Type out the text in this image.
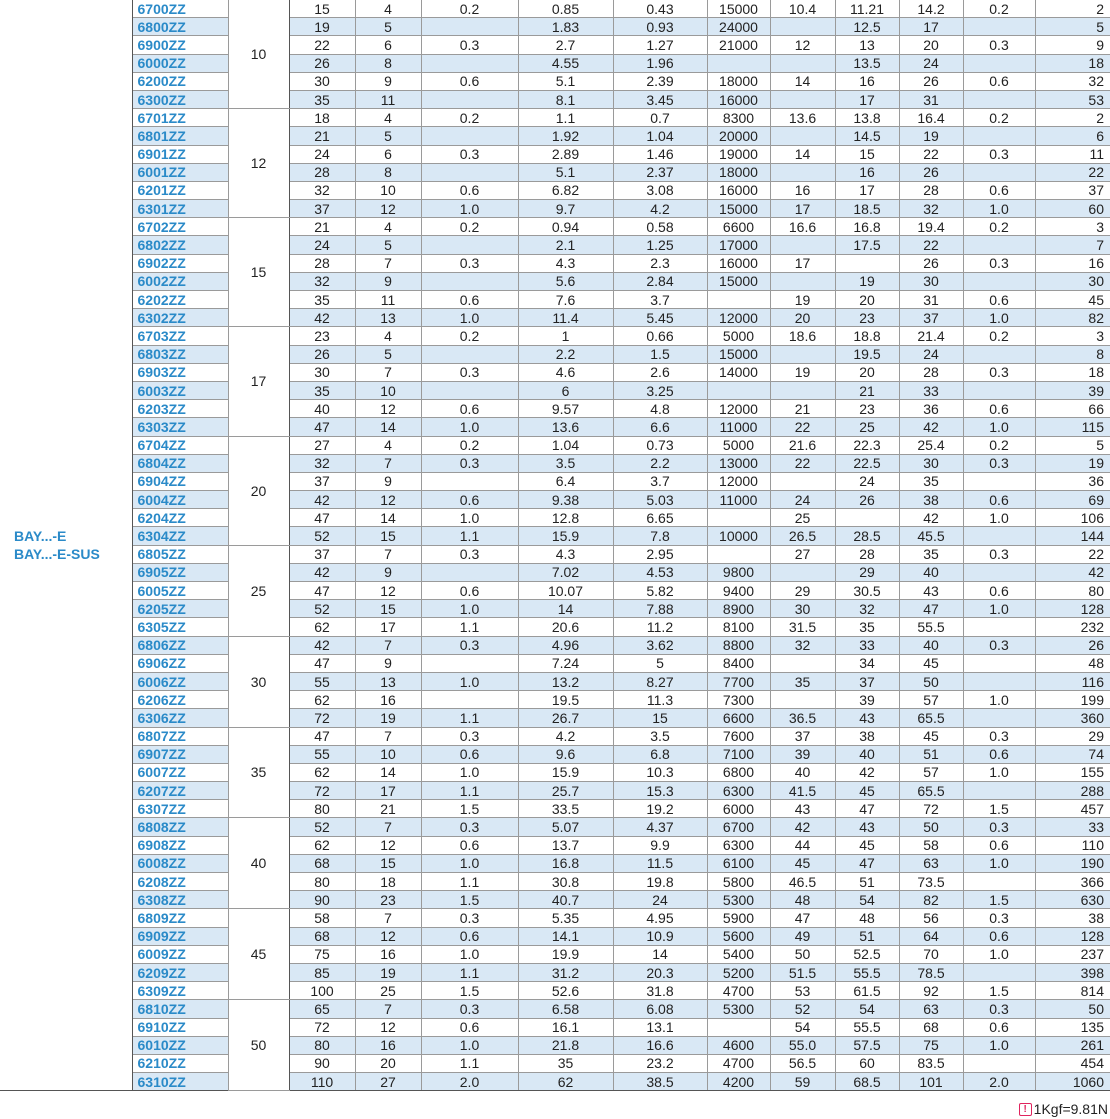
BAY...-E
BAY...-E-SUS	6700ZZ	10	15	4	0.2	0.85	0.43	15000	10.4	11.21	14.2	0.2	2
	6800ZZ		19	5		1.83	0.93	24000		12.5	17		5
	6900ZZ		22	6	0.3	2.7	1.27	21000	12	13	20	0.3	9
	6000ZZ		26	8		4.55	1.96			13.5	24		18
	6200ZZ		30	9	0.6	5.1	2.39	18000	14	16	26	0.6	32
	6300ZZ		35	11		8.1	3.45	16000		17	31		53
	6701ZZ	12	18	4	0.2	1.1	0.7	8300	13.6	13.8	16.4	0.2	2
	6801ZZ		21	5		1.92	1.04	20000		14.5	19		6
	6901ZZ		24	6	0.3	2.89	1.46	19000	14	15	22	0.3	11
	6001ZZ		28	8		5.1	2.37	18000		16	26		22
	6201ZZ		32	10	0.6	6.82	3.08	16000	16	17	28	0.6	37
	6301ZZ		37	12	1.0	9.7	4.2	15000	17	18.5	32	1.0	60
	6702ZZ	15	21	4	0.2	0.94	0.58	6600	16.6	16.8	19.4	0.2	3
	6802ZZ		24	5		2.1	1.25	17000		17.5	22		7
	6902ZZ		28	7	0.3	4.3	2.3	16000	17		26	0.3	16
	6002ZZ		32	9		5.6	2.84	15000		19	30		30
	6202ZZ		35	11	0.6	7.6	3.7		19	20	31	0.6	45
	6302ZZ		42	13	1.0	11.4	5.45	12000	20	23	37	1.0	82
	6703ZZ	17	23	4	0.2	1	0.66	5000	18.6	18.8	21.4	0.2	3
	6803ZZ		26	5		2.2	1.5	15000		19.5	24		8
	6903ZZ		30	7	0.3	4.6	2.6	14000	19	20	28	0.3	18
	6003ZZ		35	10		6	3.25			21	33		39
	6203ZZ		40	12	0.6	9.57	4.8	12000	21	23	36	0.6	66
	6303ZZ		47	14	1.0	13.6	6.6	11000	22	25	42	1.0	115
	6704ZZ	20	27	4	0.2	1.04	0.73	5000	21.6	22.3	25.4	0.2	5
	6804ZZ		32	7	0.3	3.5	2.2	13000	22	22.5	30	0.3	19
	6904ZZ		37	9		6.4	3.7	12000		24	35		36
	6004ZZ		42	12	0.6	9.38	5.03	11000	24	26	38	0.6	69
	6204ZZ		47	14	1.0	12.8	6.65		25		42	1.0	106
	6304ZZ		52	15	1.1	15.9	7.8	10000	26.5	28.5	45.5		144
	6805ZZ	25	37	7	0.3	4.3	2.95		27	28	35	0.3	22
	6905ZZ		42	9		7.02	4.53	9800		29	40		42
	6005ZZ		47	12	0.6	10.07	5.82	9400	29	30.5	43	0.6	80
	6205ZZ		52	15	1.0	14	7.88	8900	30	32	47	1.0	128
	6305ZZ		62	17	1.1	20.6	11.2	8100	31.5	35	55.5		232
	6806ZZ	30	42	7	0.3	4.96	3.62	8800	32	33	40	0.3	26
	6906ZZ		47	9		7.24	5	8400		34	45		48
	6006ZZ		55	13	1.0	13.2	8.27	7700	35	37	50		116
	6206ZZ		62	16		19.5	11.3	7300		39	57	1.0	199
	6306ZZ		72	19	1.1	26.7	15	6600	36.5	43	65.5		360
	6807ZZ	35	47	7	0.3	4.2	3.5	7600	37	38	45	0.3	29
	6907ZZ		55	10	0.6	9.6	6.8	7100	39	40	51	0.6	74
	6007ZZ		62	14	1.0	15.9	10.3	6800	40	42	57	1.0	155
	6207ZZ		72	17	1.1	25.7	15.3	6300	41.5	45	65.5		288
	6307ZZ		80	21	1.5	33.5	19.2	6000	43	47	72	1.5	457
	6808ZZ	40	52	7	0.3	5.07	4.37	6700	42	43	50	0.3	33
	6908ZZ		62	12	0.6	13.7	9.9	6300	44	45	58	0.6	110
	6008ZZ		68	15	1.0	16.8	11.5	6100	45	47	63	1.0	190
	6208ZZ		80	18	1.1	30.8	19.8	5800	46.5	51	73.5		366
	6308ZZ		90	23	1.5	40.7	24	5300	48	54	82	1.5	630
	6809ZZ	45	58	7	0.3	5.35	4.95	5900	47	48	56	0.3	38
	6909ZZ		68	12	0.6	14.1	10.9	5600	49	51	64	0.6	128
	6009ZZ		75	16	1.0	19.9	14	5400	50	52.5	70	1.0	237
	6209ZZ		85	19	1.1	31.2	20.3	5200	51.5	55.5	78.5		398
	6309ZZ		100	25	1.5	52.6	31.8	4700	53	61.5	92	1.5	814
	6810ZZ	50	65	7	0.3	6.58	6.08	5300	52	54	63	0.3	50
	6910ZZ		72	12	0.6	16.1	13.1		54	55.5	68	0.6	135
	6010ZZ		80	16	1.0	21.8	16.6	4600	55.0	57.5	75	1.0	261
	6210ZZ		90	20	1.1	35	23.2	4700	56.5	60	83.5		454
	6310ZZ		110	27	2.0	62	38.5	4200	59	68.5	101	2.0	1060
! 1Kgf=9.81N
